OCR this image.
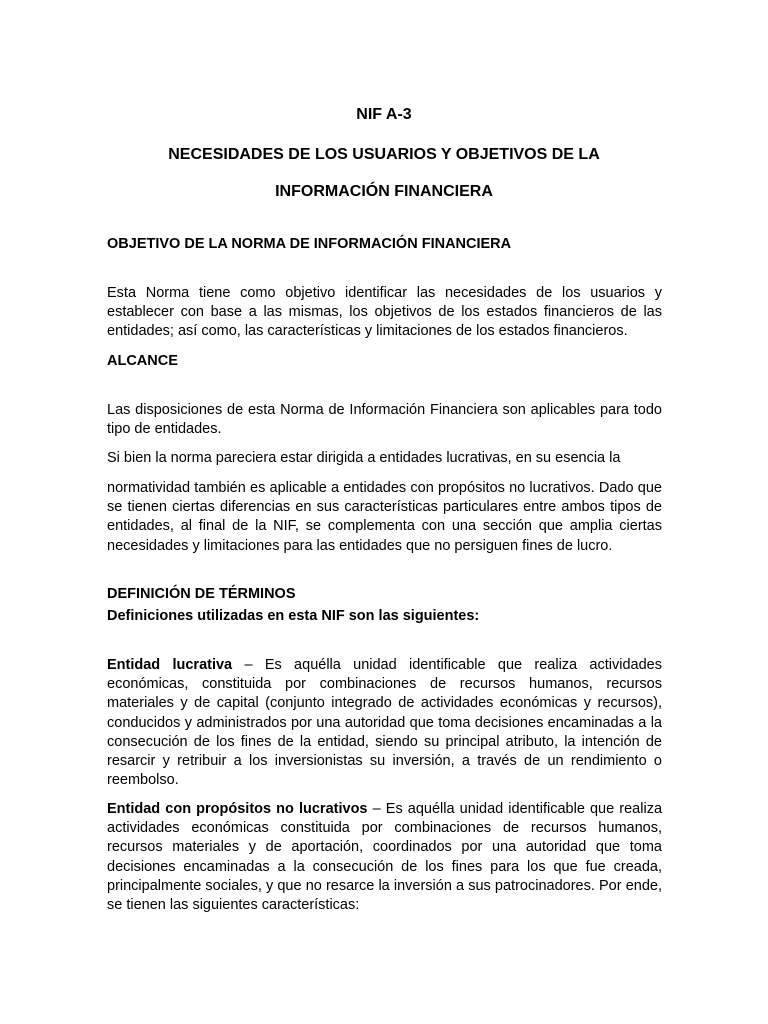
NIF A-3
NECESIDADES DE LOS USUARIOS Y OBJETIVOS DE LA
INFORMACIÓN FINANCIERA
OBJETIVO DE LA NORMA DE INFORMACIÓN FINANCIERA

Esta Norma tiene como objetivo identificar las necesidades de los usuarios y establecer con base a las mismas, los objetivos de los estados financieros de las entidades; así como, las características y limitaciones de los estados financieros.

ALCANCE

Las disposiciones de esta Norma de Información Financiera son aplicables para todo tipo de entidades.

Si bien la norma pareciera estar dirigida a entidades lucrativas, en su esencia la

normatividad también es aplicable a entidades con propósitos no lucrativos. Dado que se tienen ciertas diferencias en sus características particulares entre ambos tipos de entidades, al final de la NIF, se complementa con una sección que amplia ciertas necesidades y limitaciones para las entidades que no persiguen fines de lucro.

DEFINICIÓN DE TÉRMINOS
Definiciones utilizadas en esta NIF son las siguientes:

Entidad lucrativa – Es aquélla unidad identificable que realiza actividades económicas, constituida por combinaciones de recursos humanos, recursos materiales y de capital (conjunto integrado de actividades económicas y recursos), conducidos y administrados por una autoridad que toma decisiones encaminadas a la consecución de los fines de la entidad, siendo su principal atributo, la intención de resarcir y retribuir a los inversionistas su inversión, a través de un rendimiento o reembolso.

Entidad con propósitos no lucrativos – Es aquélla unidad identificable que realiza actividades económicas constituida por combinaciones de recursos humanos, recursos materiales y de aportación, coordinados por una autoridad que toma decisiones encaminadas a la consecución de los fines para los que fue creada, principalmente sociales, y que no resarce la inversión a sus patrocinadores. Por ende, se tienen las siguientes características:
